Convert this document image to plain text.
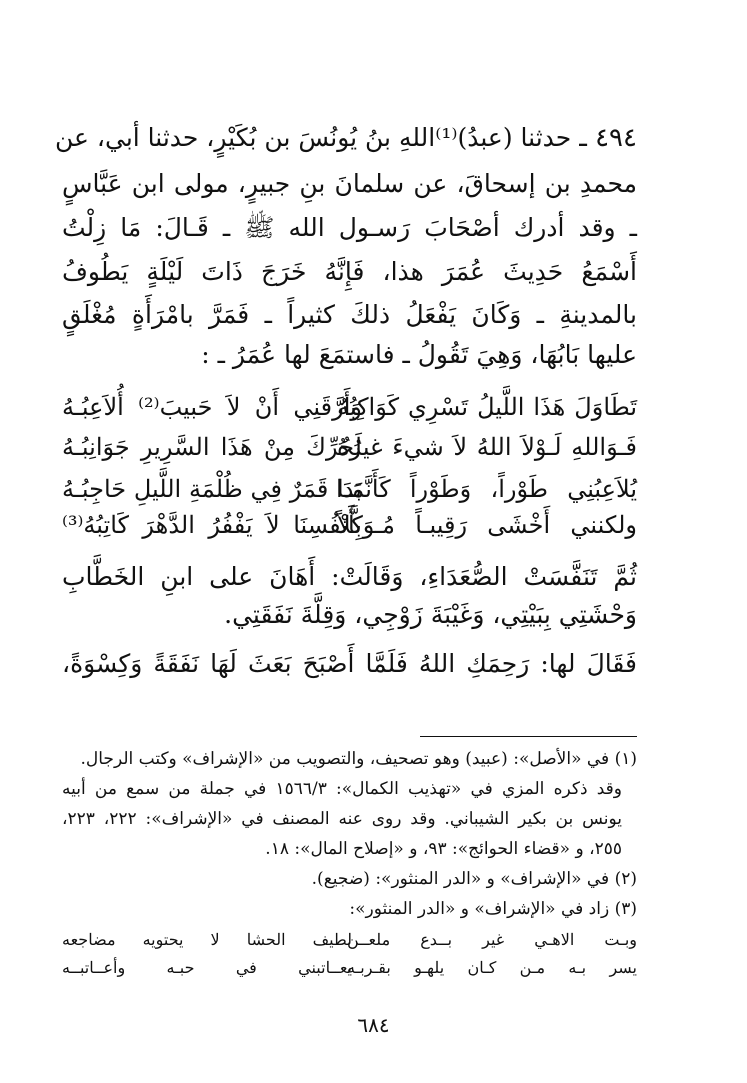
٤٩٤ ـ حدثنا (عبدُ)⁽¹⁾اللهِ بنُ يُونُسَ بن بُكَيْرٍ، حدثنا أبي، عن
محمدِ بن إسحاقَ، عن سلمانَ بنِ جبيرٍ، مولى ابن عَبَّاسٍ
ـ وقد أدرك أصْحَابَ رَسـول الله ﷺ ـ قَـالَ: مَا زِلْتُ
أَسْمَعُ حَدِيثَ عُمَرَ هذا، فَإِنَّهُ خَرَجَ ذَاتَ لَيْلَةٍ يَطُوفُ
بالمدينةِ ـ وَكَانَ يَفْعَلُ ذلكَ كثيراً ـ فَمَرَّ بامْرَأَةٍ مُغْلَقٍ
عليها بَابُهَا، وَهِيَ تَقُولُ ـ فاستمَعَ لها عُمَرُ ـ :
تَطَاوَلَ هَذَا اللَّيلُ تَسْرِي كَوَاكِبُهُ
وَأَرَّقَنِي أَنْ لاَ حَبيبَ⁽²⁾ أُلاَعِبُـهُ
فَـوَاللهِ لَـوْلاَ اللهُ لاَ شيءَ غيرُهُ
لَحُرِّكَ مِنْ هَذَا السَّرِيرِ جَوَانِبُـهُ
يُلاَعِبُنِي طَوْراً، وَطَوْراً كَأَنَّمَـا
بَدَا قَمَرٌ فِي ظُلْمَةِ اللَّيلِ حَاجِبُـهُ
ولكنني أَخْشَى رَقِيبـاً مُـوَكَّلاً
بِأَنْفُسِنَا لاَ يَفْفُرُ الدَّهْرَ كَاتِبُهُ⁽³⁾
ثُمَّ تَنَفَّسَتْ الصُّعَدَاءِ، وَقَالَتْ: أَهَانَ على ابنِ الخَطَّابِ
وَحْشَتِي بِبَيْتِي، وَغَيْبَةَ زَوْجِي، وَقِلَّةَ نَفَقَتِي.
فَقَالَ لها: رَحِمَكِ اللهُ فَلَمَّا أَصْبَحَ بَعَثَ لَهَا نَفَقَةً وَكِسْوَةً،
(١) في «الأصل»: (عبيد) وهو تصحيف، والتصويب من «الإشراف» وكتب الرجال.
وقد ذكره المزي في «تهذيب الكمال»: ١٥٦٦/٣ في جملة من سمع من أبيه
يونس بن بكير الشيباني. وقد روى عنه المصنف في «الإشراف»: ٢٢٢، ٢٢٣،
٢٥٥، و «قضاء الحوائج»: ٩٣، و «إصلاح المال»: ١٨.
(٢) في «الإشراف» و «الدر المنثور»: (ضجيع).
(٣) زاد في «الإشراف» و «الدر المنثور»:
وبـت الاهـي غير بــدع ملعــن
لطيف الحشا لا يحتويه مضاجعه
يسر بـه مـن كـان يلهـو بقـربـه
يعــاتبني في حبـه وأعــاتبــه
٦٨٤
